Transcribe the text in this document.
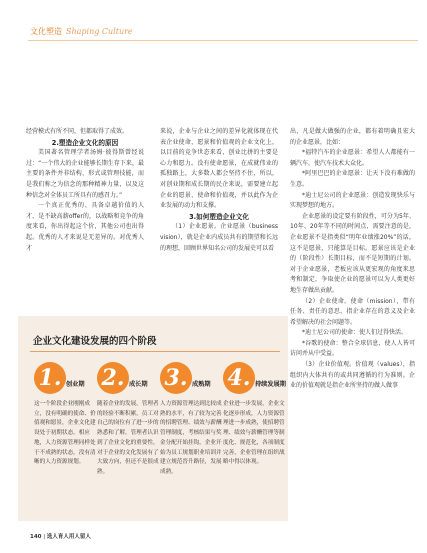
文化塑造 Shaping Culture

经营模式有所不同，但都取得了成效。

2.塑造企业文化的原因

美国著名管理学者汤姆·彼得斯曾经说过：“一个伟大的企业能够长期生存下来，最主要的条件并非结构、形式或管理技能，而是我们称之为信念的那种精神力量，以及这种信念对全体员工所具有的感召力。”

一个真正优秀的、具备卓越价值的人才，是不缺高薪offer的，以战略和竞争的角度来看，你出得起这个价，其他公司也出得起。优秀的人才来说是无差异的。对优秀人才

来说，企业与企业之间的差异化就体现在代表企业使命、愿景和价值观的企业文化上，以目前的竞争世态来看，创业比拼的主要是心力和愿力。没有使命愿景，在成就伟业的孤独路上，大多数人都会坚持不住，所以，对创业期和成长期的民企来说，需要建立起企业的愿景、使命和价值观，并以此作为企业发展的动力和支撑。

3.如何塑造企业文化

（1）企业愿景。企业愿景（business vision），就是企业内成员共有的期望和长远的理想，回顾世界知名公司的发展史可以看

出，凡是做大做强的企业，都有着明确且宏大的企业愿景，比如：

*福特汽车的企业愿景：希望人人都能有一辆汽车，使汽车技术大众化。

*阿里巴巴的企业愿景：让天下没有难做的生意。

*迪士尼公司的企业愿景：创造发现快乐与实现梦想的地方。

企业愿景的设定要有阶段性，可分为5年、10年、20年等不同的时间点，需要注意的是，企业愿景不是指类似“明年业绩涨20%”的话，这不是愿景，只能算是目标。愿景应该是企业的（阶段性）长期目标，而不是短期的计划。对于企业愿景，老板应该从更宏观的角度来思考和制定，争取使企业的愿景可以为人类更好地生存做出贡献。

（2）企业使命。使命（mission），带有任务、责任的意思，指企业存在的意义及企业希望解决的社会问题等。

*迪士尼公司的使命：使人们过得快活。

*谷歌的使命：整合全球信息，使人人皆可访问并从中受益。

（3）企业价值观。价值观（values），指组织内大体共有的或共同遵循的行为准则。企业的价值观就是指企业所坚持的做人做事

企业文化建设发展的四个阶段
1. 创业期
这一个阶段企业刚刚成立，没有明确的使命、价值观和愿景，企业文化建设处于初期状态。相应地，人力资源管理同样处于不成熟的状态，没有清晰的人力资源规划。
2. 成长期
随着企业的发展，管理者的经验不断积累，员工对自己的岗位有了进一步的熟悉和了解，管理者认识到了企业文化的重要性，对于企业的文化发展有了大致方向，但还不是很成熟。
3. 成熟期
人力资源管理达到比较成熟的水平，有了较为完善的招聘管理、绩效与薪酬管理制度，考核结果与奖金分配开始挂钩，企业开始为员工规划职业培训并建立规范晋升路径，发展成熟。
4. 持续发展期
企业进一步发展，企业文化逐步形成，人力资源管理进一步成熟，使招聘管理、绩效与薪酬管理等制度化、规范化，各项制度完善，企业管理在组织战略中得以体现。
140 | 选人育人用人留人
